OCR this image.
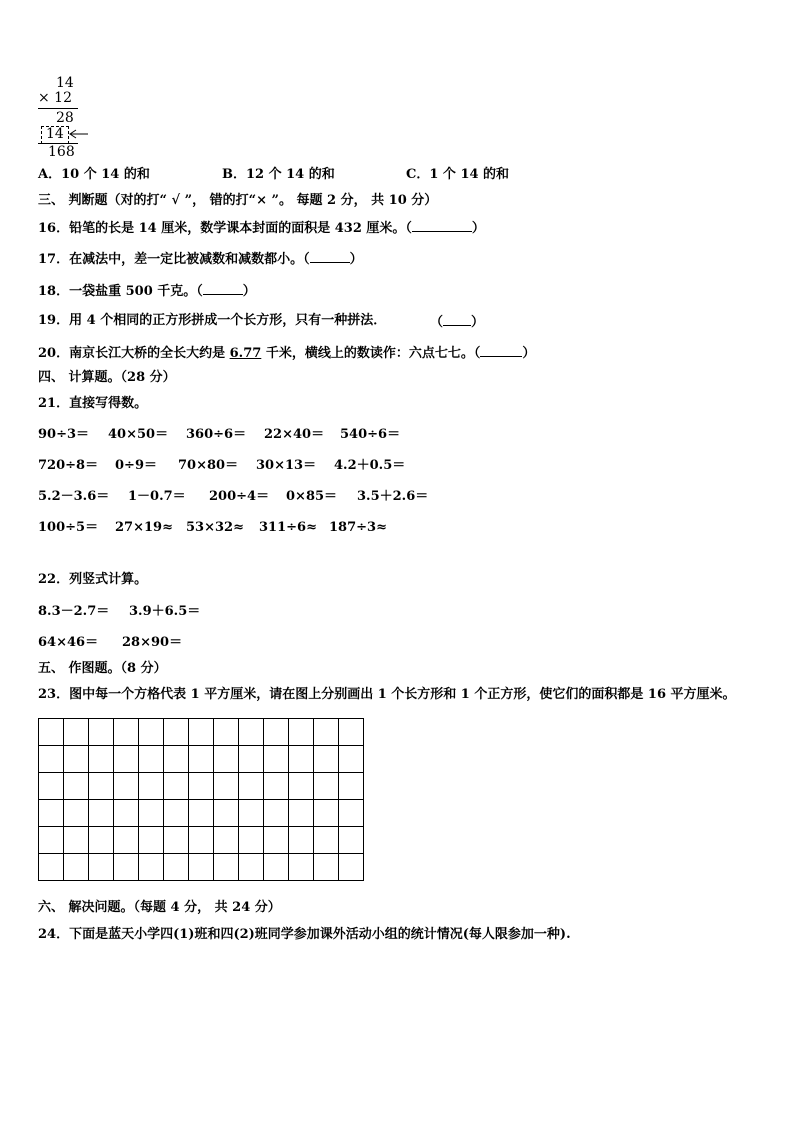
14
× 12
28
14
168
A．10 个 14 的和	B．12 个 14 的和	C．1 个 14 的和
三、 判断题（对的打“ √ ”， 错的打“× ”。 每题 2 分， 共 10 分）
16．铅笔的长是 14 厘米，数学课本封面的面积是 432 厘米。（	）
17．在减法中，差一定比被减数和减数都小。（	）
18．一袋盐重 500 千克。（	）
19．用 4 个相同的正方形拼成一个长方形，只有一种拼法．	（ ）
20．南京长江大桥的全长大约是 6.77 千米，横线上的数读作：六点七七。（	）
四、 计算题。（28 分）
21．直接写得数。
90÷3＝ 40×50＝ 360÷6＝ 22×40＝ 540÷6＝
720÷8＝ 0÷9＝ 70×80＝ 30×13＝ 4.2＋0.5＝
5.2－3.6＝ 1－0.7＝ 200÷4＝ 0×85＝ 3.5＋2.6＝
100÷5＝ 27×19≈ 53×32≈ 311÷6≈ 187÷3≈
22．列竖式计算。
8.3－2.7＝ 3.9＋6.5＝
64×46＝ 28×90＝
五、 作图题。（8 分）
23．图中每一个方格代表 1 平方厘米，请在图上分别画出 1 个长方形和 1 个正方形，使它们的面积都是 16 平方厘米。

六、 解决问题。（每题 4 分， 共 24 分）
24．下面是蓝天小学四(1)班和四(2)班同学参加课外活动小组的统计情况(每人限参加一种).
